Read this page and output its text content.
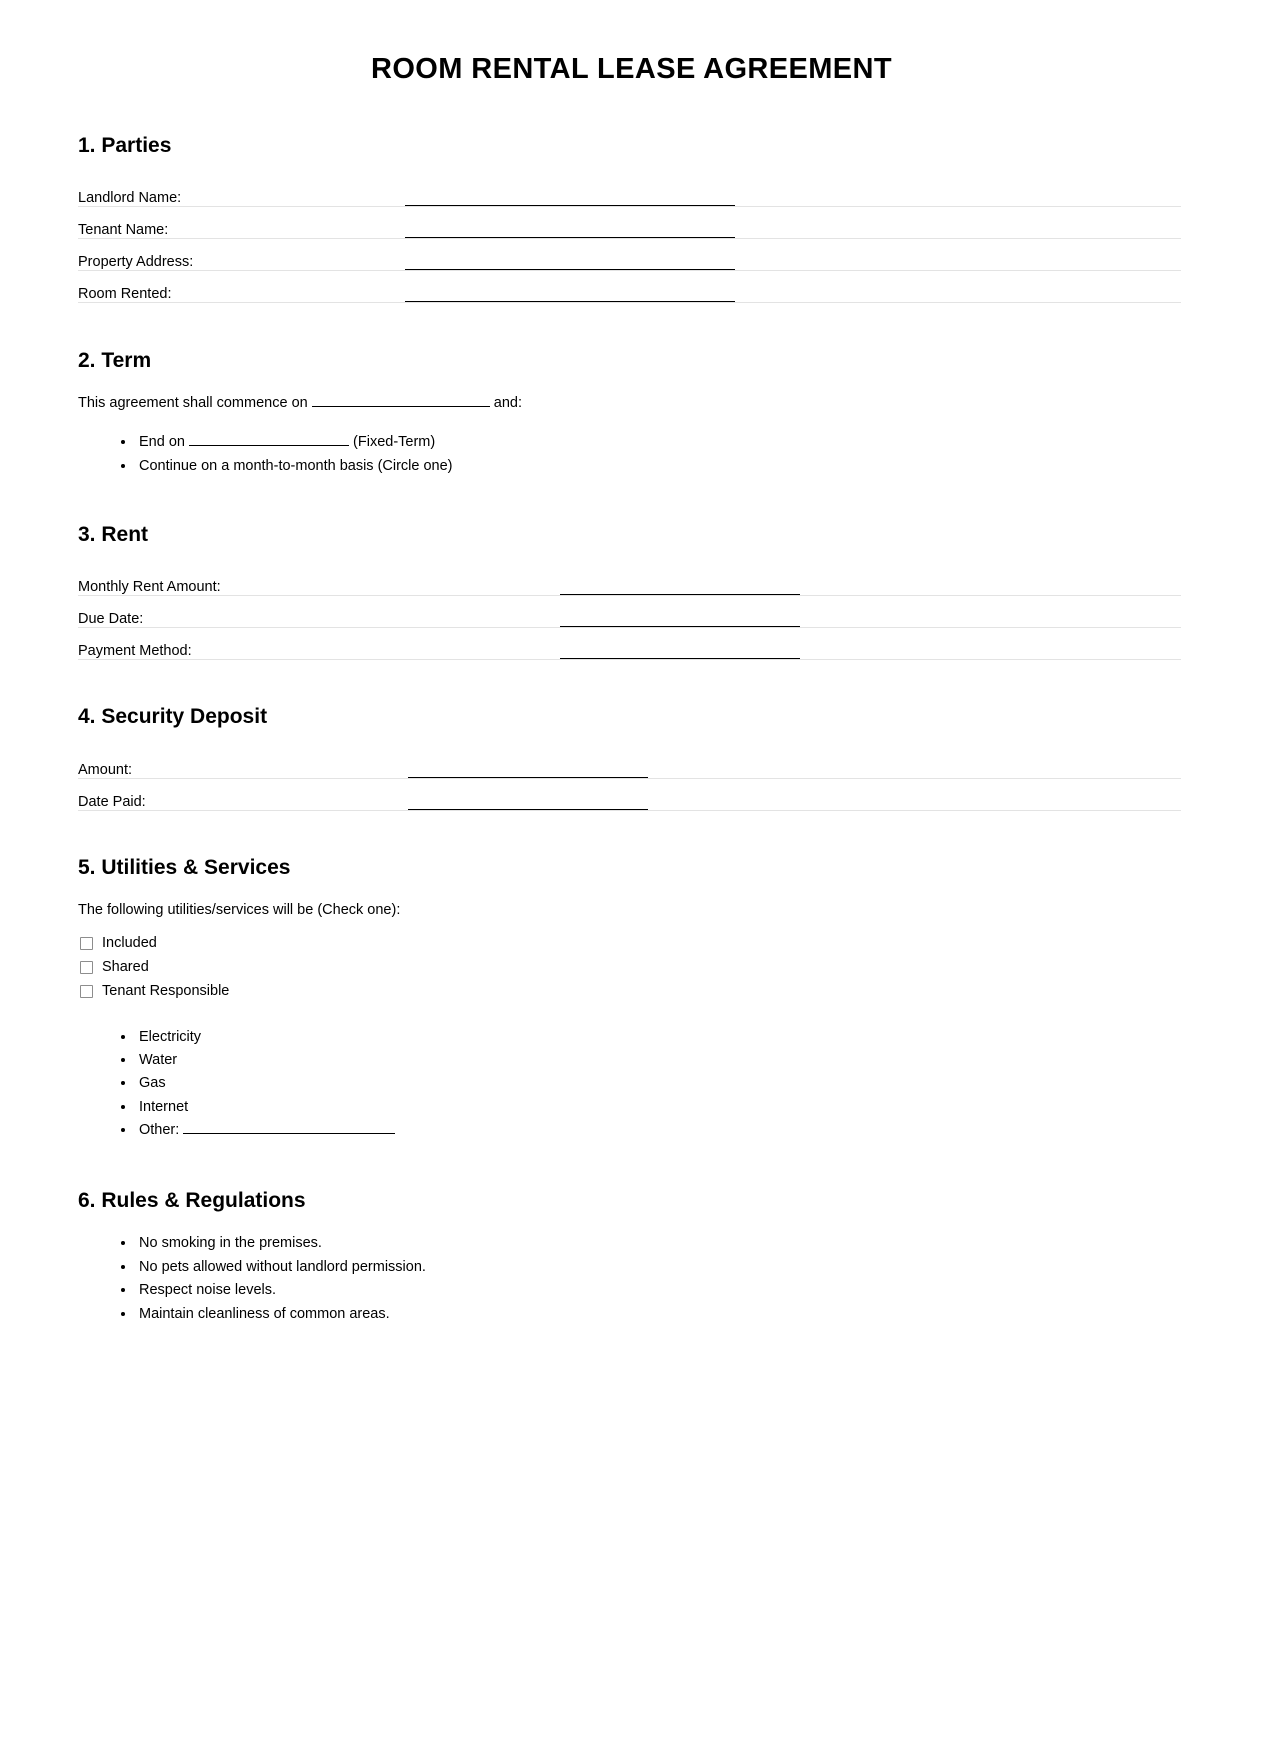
ROOM RENTAL LEASE AGREEMENT
1. Parties
Landlord Name:	

Tenant Name:	

Property Address:	

Room Rented:	
2. Term

This agreement shall commence on	and:

• End on	(Fixed-Term)
• Continue on a month-to-month basis (Circle one)
3. Rent
Monthly Rent Amount:	

Due Date:	

Payment Method:	
4. Security Deposit
Amount:	

Date Paid:	
5. Utilities & Services

The following utilities/services will be (Check one):

Included
Shared
Tenant Responsible
• Electricity
• Water
• Gas
• Internet
• Other:
6. Rules & Regulations
• No smoking in the premises.
• No pets allowed without landlord permission.
• Respect noise levels.
• Maintain cleanliness of common areas.
